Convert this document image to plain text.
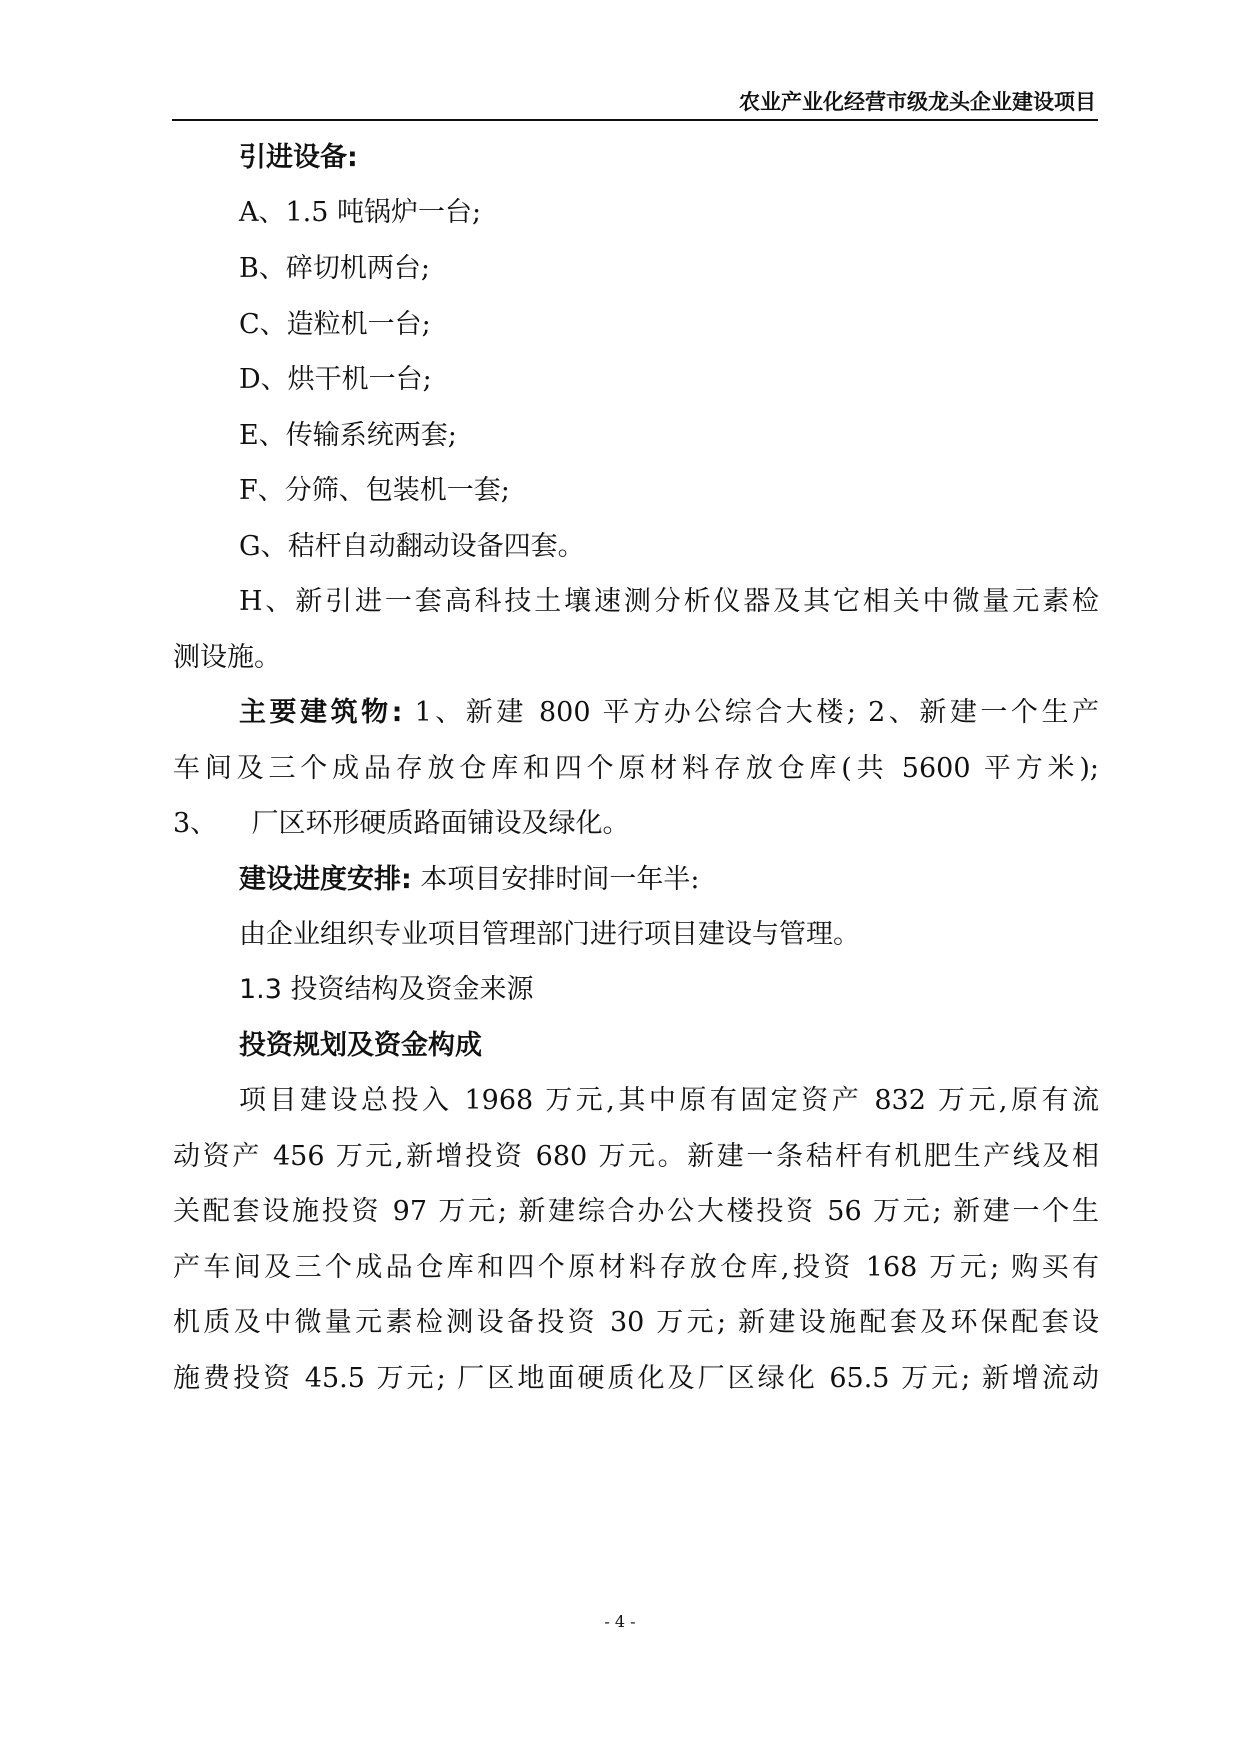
农业产业化经营市级龙头企业建设项目
引进设备:
A、1.5 吨锅炉一台;
B、碎切机两台;
C、造粒机一台;
D、烘干机一台;
E、传输系统两套;
F、分筛、包装机一套;
G、秸杆自动翻动设备四套。
H、新引进一套高科技土壤速测分析仪器及其它相关中微量元素检
测设施。
主要建筑物: 1、新建 800 平方办公综合大楼; 2、新建一个生产
车间及三个成品存放仓库和四个原材料存放仓库(共 5600 平方米);
3、    厂区环形硬质路面铺设及绿化。
建设进度安排: 本项目安排时间一年半:
由企业组织专业项目管理部门进行项目建设与管理。
1.3 投资结构及资金来源
投资规划及资金构成
项目建设总投入 1968 万元,其中原有固定资产 832 万元,原有流
动资产 456 万元,新增投资 680 万元。新建一条秸杆有机肥生产线及相
关配套设施投资 97 万元; 新建综合办公大楼投资 56 万元; 新建一个生
产车间及三个成品仓库和四个原材料存放仓库,投资 168 万元; 购买有
机质及中微量元素检测设备投资 30 万元; 新建设施配套及环保配套设
施费投资 45.5 万元; 厂区地面硬质化及厂区绿化 65.5 万元; 新增流动
- 4 -
